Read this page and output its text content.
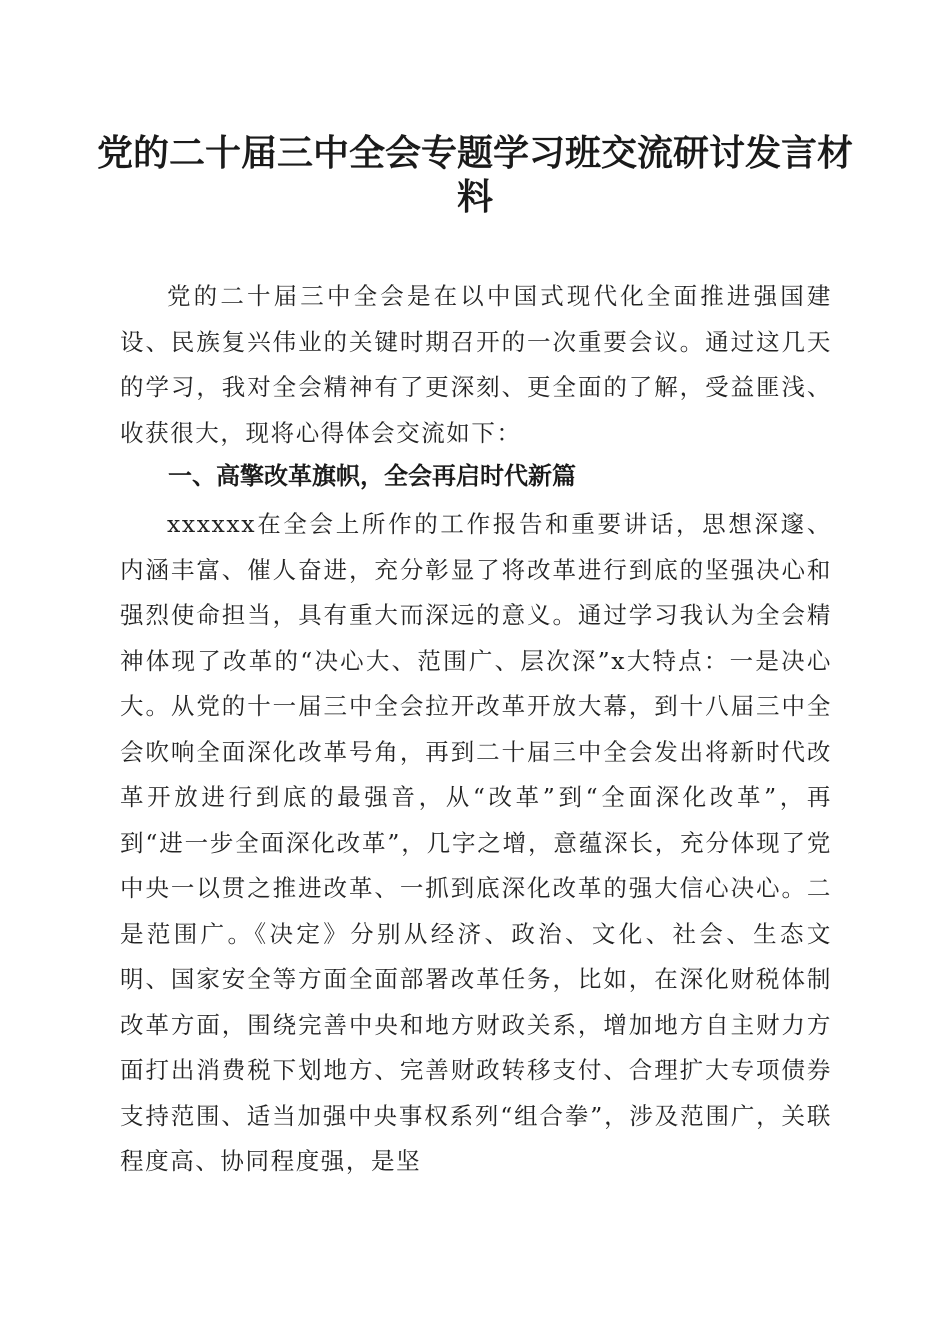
党的二十届三中全会专题学习班交流研讨发言材料

党的二十届三中全会是在以中国式现代化全面推进强国建设、民族复兴伟业的关键时期召开的一次重要会议。通过这几天的学习，我对全会精神有了更深刻、更全面的了解，受益匪浅、收获很大，现将心得体会交流如下：

一、高擎改革旗帜，全会再启时代新篇

xxxxxx在全会上所作的工作报告和重要讲话，思想深邃、内涵丰富、催人奋进，充分彰显了将改革进行到底的坚强决心和强烈使命担当，具有重大而深远的意义。通过学习我认为全会精神体现了改革的“决心大、范围广、层次深”x大特点：一是决心大。从党的十一届三中全会拉开改革开放大幕，到十八届三中全会吹响全面深化改革号角，再到二十届三中全会发出将新时代改革开放进行到底的最强音，从“改革”到“全面深化改革”，再到“进一步全面深化改革”，几字之增，意蕴深长，充分体现了党中央一以贯之推进改革、一抓到底深化改革的强大信心决心。二是范围广。《决定》分别从经济、政治、文化、社会、生态文明、国家安全等方面全面部署改革任务，比如，在深化财税体制改革方面，围绕完善中央和地方财政关系，增加地方自主财力方面打出消费税下划地方、完善财政转移支付、合理扩大专项债券支持范围、适当加强中央事权系列“组合拳”，涉及范围广，关联程度高、协同程度强，是坚
